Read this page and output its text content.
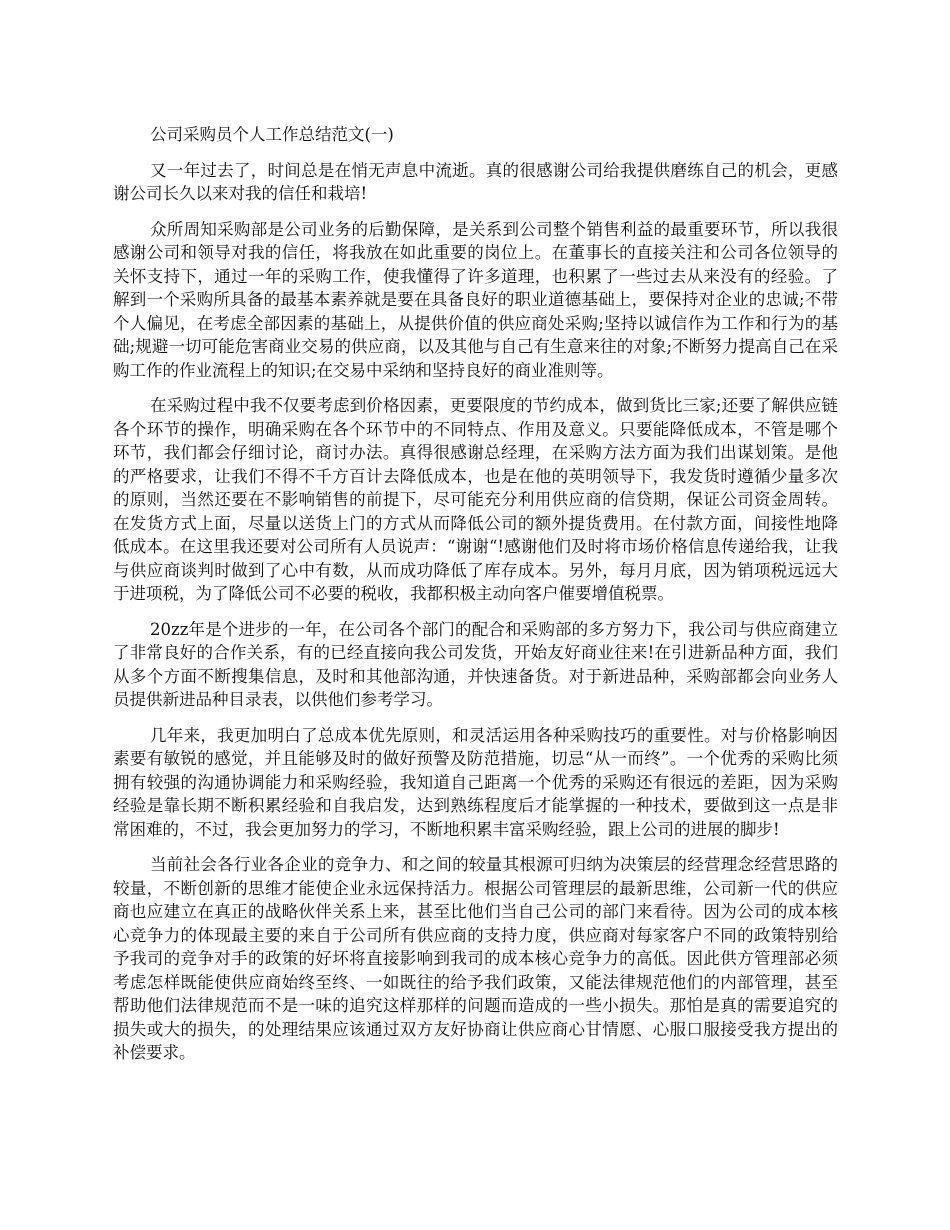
公司采购员个人工作总结范文(一)

又一年过去了，时间总是在悄无声息中流逝。真的很感谢公司给我提供磨练自己的机会，更感谢公司长久以来对我的信任和栽培!

众所周知采购部是公司业务的后勤保障，是关系到公司整个销售利益的最重要环节，所以我很感谢公司和领导对我的信任，将我放在如此重要的岗位上。在董事长的直接关注和公司各位领导的关怀支持下，通过一年的采购工作，使我懂得了许多道理，也积累了一些过去从来没有的经验。了解到一个采购所具备的最基本素养就是要在具备良好的职业道德基础上，要保持对企业的忠诚;不带个人偏见，在考虑全部因素的基础上，从提供价值的供应商处采购;坚持以诚信作为工作和行为的基础;规避一切可能危害商业交易的供应商，以及其他与自己有生意来往的对象;不断努力提高自己在采购工作的作业流程上的知识;在交易中采纳和坚持良好的商业准则等。

在采购过程中我不仅要考虑到价格因素，更要限度的节约成本，做到货比三家;还要了解供应链各个环节的操作，明确采购在各个环节中的不同特点、作用及意义。只要能降低成本，不管是哪个环节，我们都会仔细讨论，商讨办法。真得很感谢总经理，在采购方法方面为我们出谋划策。是他的严格要求，让我们不得不千方百计去降低成本，也是在他的英明领导下，我发货时遵循少量多次的原则，当然还要在不影响销售的前提下，尽可能充分利用供应商的信贷期，保证公司资金周转。在发货方式上面，尽量以送货上门的方式从而降低公司的额外提货费用。在付款方面，间接性地降低成本。在这里我还要对公司所有人员说声：“谢谢“!感谢他们及时将市场价格信息传递给我，让我与供应商谈判时做到了心中有数，从而成功降低了库存成本。另外，每月月底，因为销项税远远大于进项税，为了降低公司不必要的税收，我都积极主动向客户催要增值税票。

20zz年是个进步的一年，在公司各个部门的配合和采购部的多方努力下，我公司与供应商建立了非常良好的合作关系，有的已经直接向我公司发货，开始友好商业往来!在引进新品种方面，我们从多个方面不断搜集信息，及时和其他部沟通，并快速备货。对于新进品种，采购部都会向业务人员提供新进品种目录表，以供他们参考学习。

几年来，我更加明白了总成本优先原则，和灵活运用各种采购技巧的重要性。对与价格影响因素要有敏锐的感觉，并且能够及时的做好预警及防范措施，切忌“从一而终”。一个优秀的采购比须拥有较强的沟通协调能力和采购经验，我知道自己距离一个优秀的采购还有很远的差距，因为采购经验是靠长期不断积累经验和自我启发，达到熟练程度后才能掌握的一种技术，要做到这一点是非常困难的，不过，我会更加努力的学习，不断地积累丰富采购经验，跟上公司的进展的脚步!

当前社会各行业各企业的竞争力、和之间的较量其根源可归纳为决策层的经营理念经营思路的较量，不断创新的思维才能使企业永远保持活力。根据公司管理层的最新思维，公司新一代的供应商也应建立在真正的战略伙伴关系上来，甚至比他们当自己公司的部门来看待。因为公司的成本核心竞争力的体现最主要的来自于公司所有供应商的支持力度，供应商对每家客户不同的政策特别给予我司的竞争对手的政策的好坏将直接影响到我司的成本核心竞争力的高低。因此供方管理部必须考虑怎样既能使供应商始终至终、一如既往的给予我们政策，又能法律规范他们的内部管理，甚至帮助他们法律规范而不是一味的追究这样那样的问题而造成的一些小损失。那怕是真的需要追究的损失或大的损失，的处理结果应该通过双方友好协商让供应商心甘情愿、心服口服接受我方提出的补偿要求。
